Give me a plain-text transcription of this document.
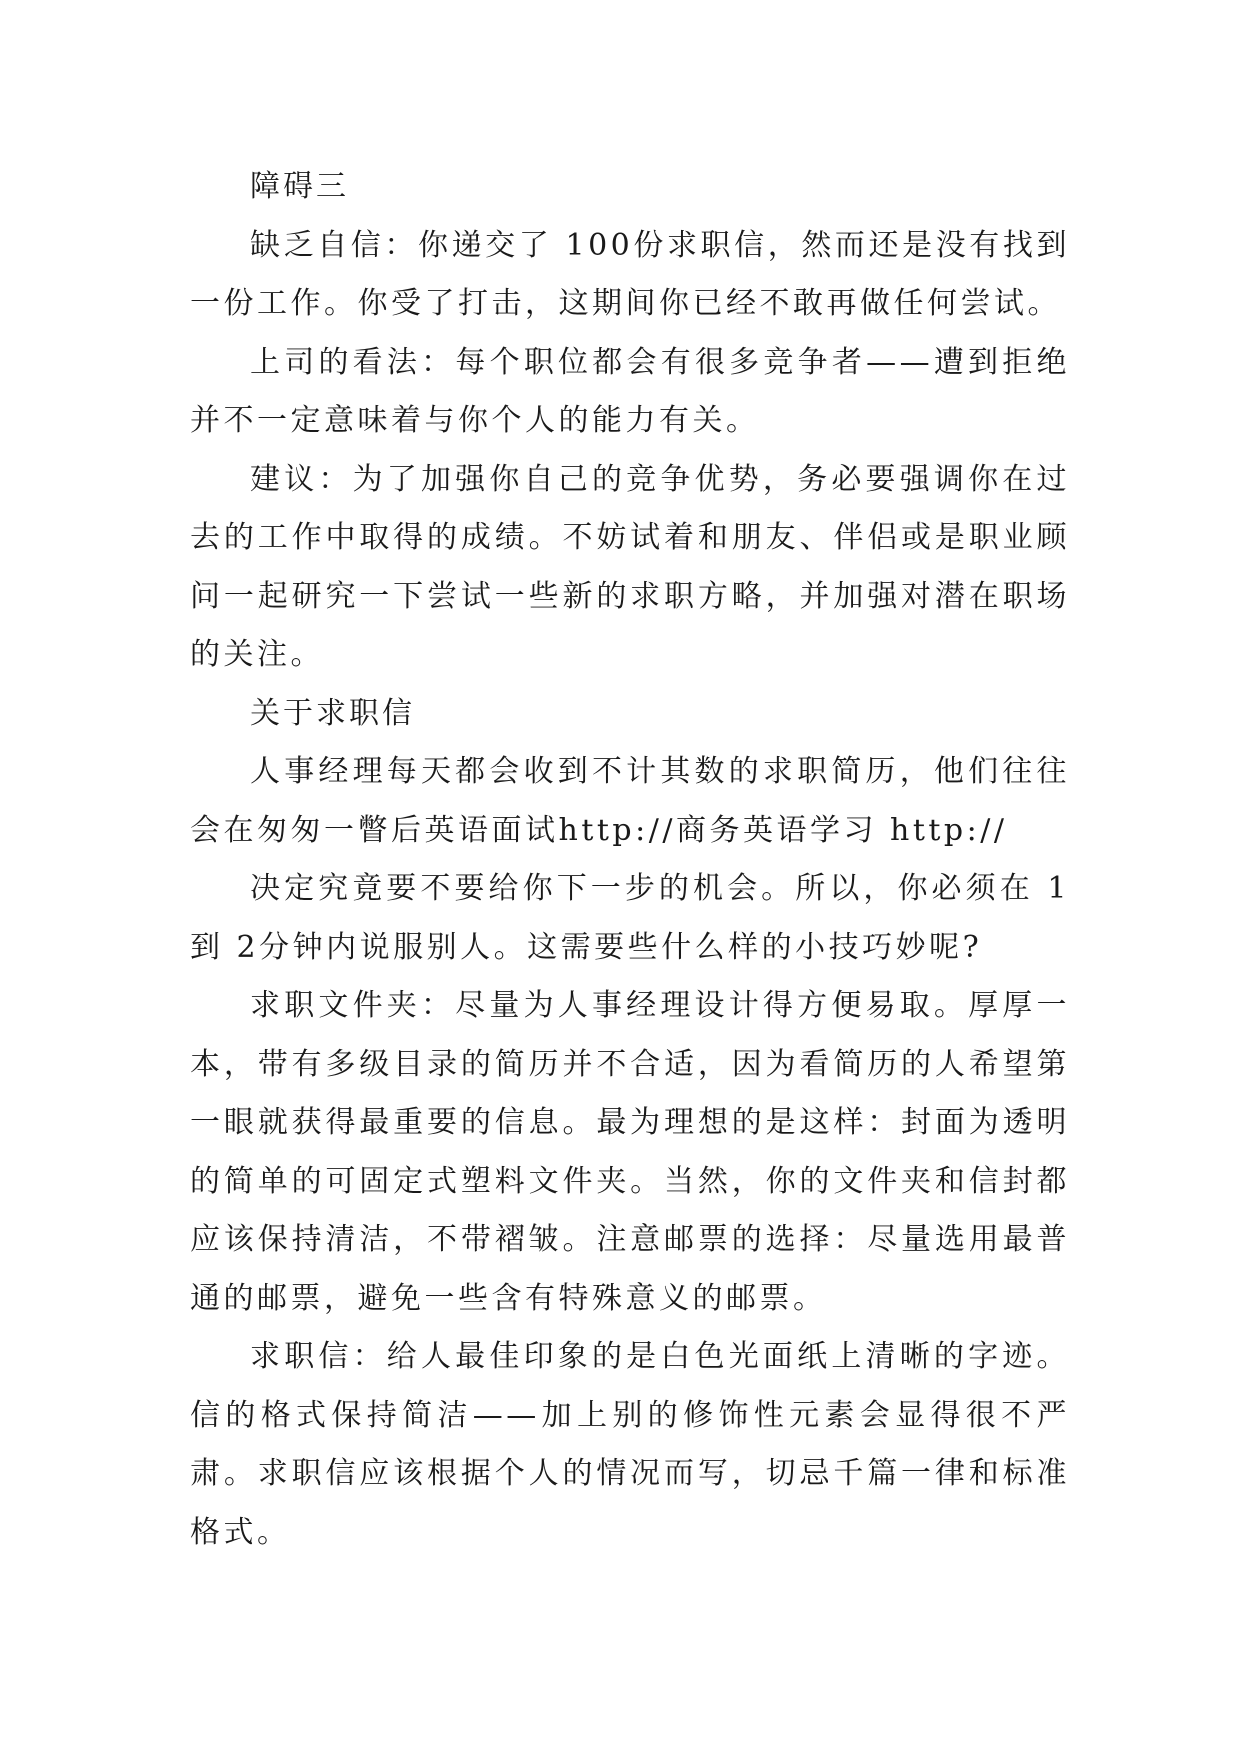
障碍三

缺乏自信：你递交了 100份求职信，然而还是没有找到一份工作。你受了打击，这期间你已经不敢再做任何尝试。

上司的看法：每个职位都会有很多竞争者——遭到拒绝并不一定意味着与你个人的能力有关。

建议：为了加强你自己的竞争优势，务必要强调你在过去的工作中取得的成绩。不妨试着和朋友、伴侣或是职业顾问一起研究一下尝试一些新的求职方略，并加强对潜在职场的关注。

关于求职信

人事经理每天都会收到不计其数的求职简历，他们往往会在匆匆一瞥后英语面试http://商务英语学习 http://

决定究竟要不要给你下一步的机会。所以，你必须在 1到 2分钟内说服别人。这需要些什么样的小技巧妙呢?

求职文件夹：尽量为人事经理设计得方便易取。厚厚一本，带有多级目录的简历并不合适，因为看简历的人希望第一眼就获得最重要的信息。最为理想的是这样：封面为透明的简单的可固定式塑料文件夹。当然，你的文件夹和信封都应该保持清洁，不带褶皱。注意邮票的选择：尽量选用最普通的邮票，避免一些含有特殊意义的邮票。

求职信：给人最佳印象的是白色光面纸上清晰的字迹。信的格式保持简洁——加上别的修饰性元素会显得很不严肃。求职信应该根据个人的情况而写，切忌千篇一律和标准格式。
